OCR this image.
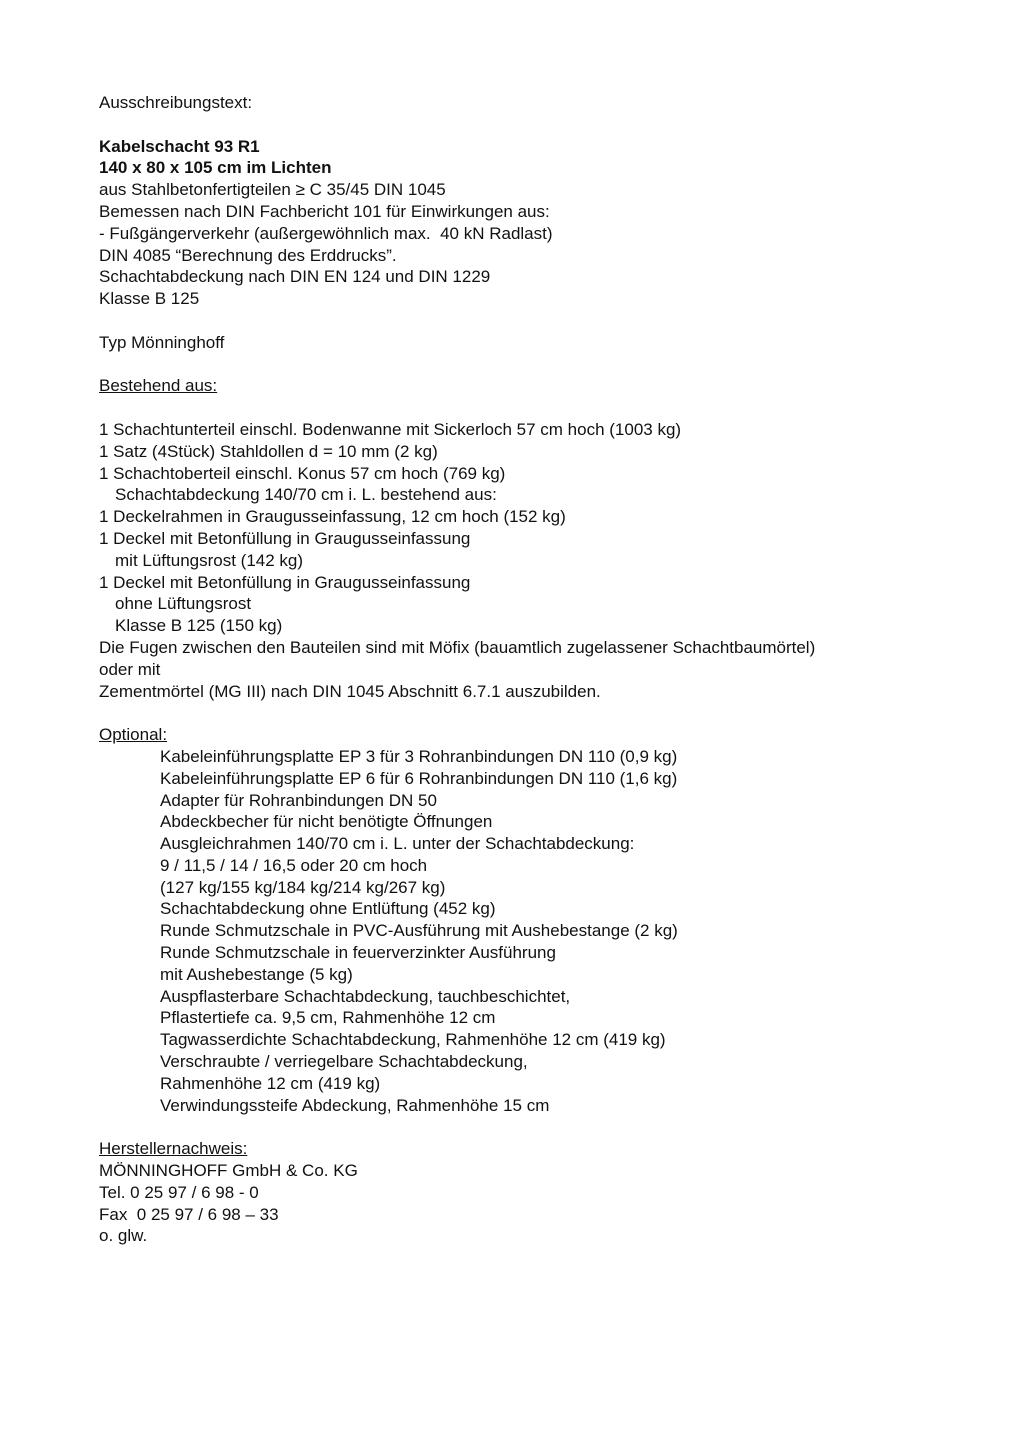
Ausschreibungstext:
Kabelschacht 93 R1
140 x 80 x 105 cm im Lichten
aus Stahlbetonfertigteilen ≥ C 35/45 DIN 1045
Bemessen nach DIN Fachbericht 101 für Einwirkungen aus:
- Fußgängerverkehr (außergewöhnlich max.  40 kN Radlast)
DIN 4085 “Berechnung des Erddrucks”.
Schachtabdeckung nach DIN EN 124 und DIN 1229
Klasse B 125
Typ Mönninghoff
Bestehend aus:
1 Schachtunterteil einschl. Bodenwanne mit Sickerloch 57 cm hoch (1003 kg)
1 Satz (4Stück) Stahldollen d = 10 mm (2 kg)
1 Schachtoberteil einschl. Konus 57 cm hoch (769 kg)
Schachtabdeckung 140/70 cm i. L. bestehend aus:
1 Deckelrahmen in Graugusseinfassung, 12 cm hoch (152 kg)
1 Deckel mit Betonfüllung in Graugusseinfassung
mit Lüftungsrost (142 kg)
1 Deckel mit Betonfüllung in Graugusseinfassung
ohne Lüftungsrost
Klasse B 125 (150 kg)
Die Fugen zwischen den Bauteilen sind mit Möfix (bauamtlich zugelassener Schachtbaumörtel)
oder mit
Zementmörtel (MG III) nach DIN 1045 Abschnitt 6.7.1 auszubilden.
Optional:
Kabeleinführungsplatte EP 3 für 3 Rohranbindungen DN 110 (0,9 kg)
Kabeleinführungsplatte EP 6 für 6 Rohranbindungen DN 110 (1,6 kg)
Adapter für Rohranbindungen DN 50
Abdeckbecher für nicht benötigte Öffnungen
Ausgleichrahmen 140/70 cm i. L. unter der Schachtabdeckung:
9 / 11,5 / 14 / 16,5 oder 20 cm hoch
(127 kg/155 kg/184 kg/214 kg/267 kg)
Schachtabdeckung ohne Entlüftung (452 kg)
Runde Schmutzschale in PVC-Ausführung mit Aushebestange (2 kg)
Runde Schmutzschale in feuerverzinkter Ausführung
mit Aushebestange (5 kg)
Auspflasterbare Schachtabdeckung, tauchbeschichtet,
Pflastertiefe ca. 9,5 cm, Rahmenhöhe 12 cm
Tagwasserdichte Schachtabdeckung, Rahmenhöhe 12 cm (419 kg)
Verschraubte / verriegelbare Schachtabdeckung,
Rahmenhöhe 12 cm (419 kg)
Verwindungssteife Abdeckung, Rahmenhöhe 15 cm
Herstellernachweis:
MÖNNINGHOFF GmbH & Co. KG
Tel. 0 25 97 / 6 98 - 0
Fax  0 25 97 / 6 98 – 33
o. glw.
